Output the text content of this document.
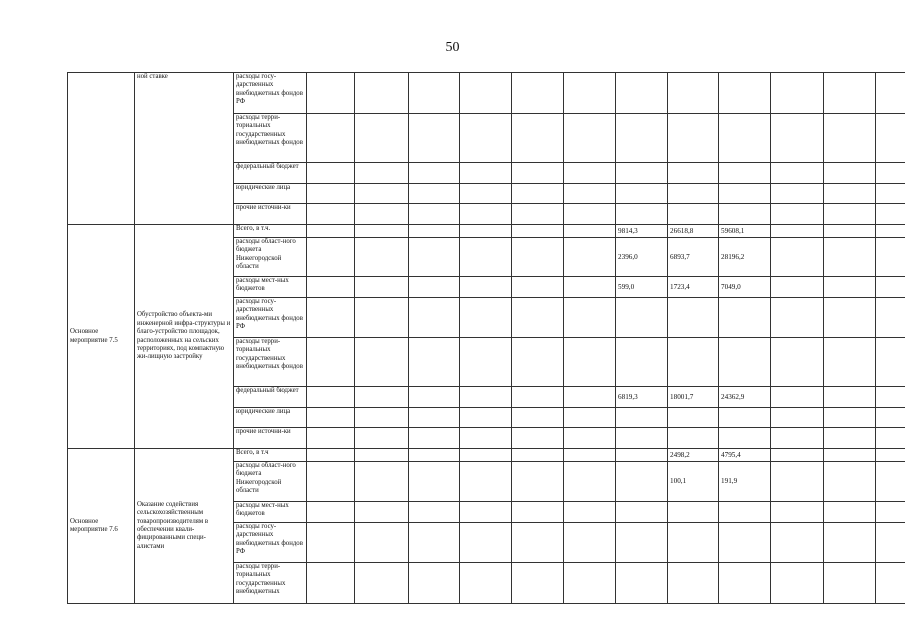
50
	ной ставке	расходы госу-дарственных внебюджетных фондов РФ												
		расходы терри-ториальных государственных внебюджетных фондов												
		федеральный бюджет												
		юридические лица												
		прочие источни-ки												
Основное мероприятие 7.5	Обустройство объекта-ми инженерной инфра-структуры и благо-устройство площадок, расположенных на сельских территориях, под компактную жи-лищную застройку	Всего, в т.ч.							9814,3	26618,8	59608,1			
		расходы област-ного бюджета Нижегородской области							2396,0	6893,7	28196,2			
		расходы мест-ных бюджетов							599,0	1723,4	7049,0			
		расходы госу-дарственных внебюджетных фондов РФ												
		расходы терри-ториальных государственных внебюджетных фондов												
		федеральный бюджет							6819,3	18001,7	24362,9			
		юридические лица												
		прочие источни-ки												
Основное мероприятие 7.6	Оказание содействия сельскохозяйственным товаропроизводителям в обеспечении квали-фицированными специ-алистами	Всего, в т.ч								2498,2	4795,4			
		расходы област-ного бюджета Нижегородской области								100,1	191,9			
		расходы мест-ных бюджетов												
		расходы госу-дарственных внебюджетных фондов РФ												
		расходы терри-ториальных государственных внебюджетных												
